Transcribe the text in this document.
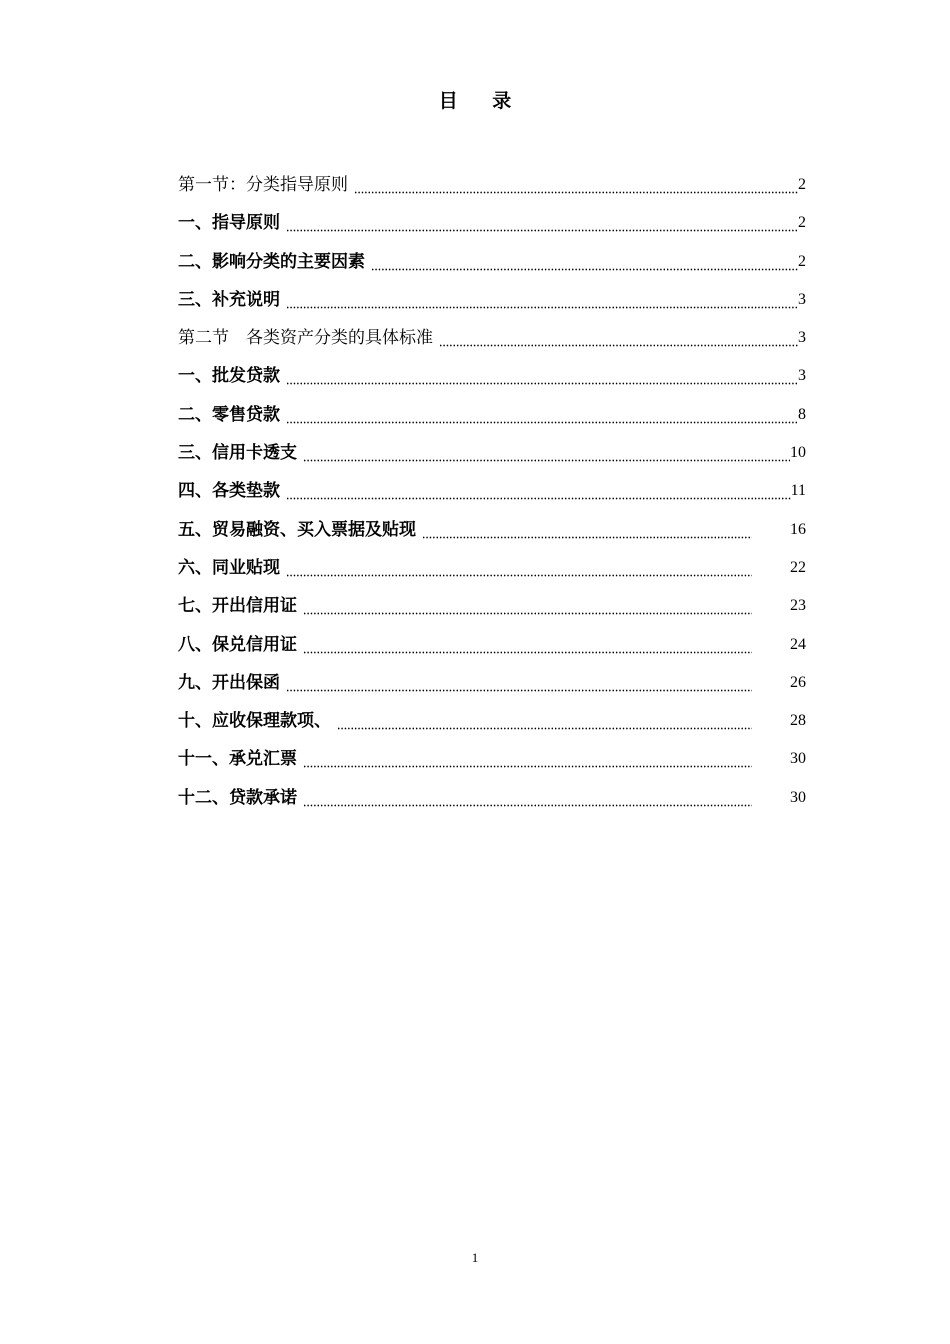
目 录
第一节：分类指导原则	2
一、指导原则	2
二、影响分类的主要因素	2
三、补充说明	3
第二节　各类资产分类的具体标准	3
一、批发贷款	3
二、零售贷款	8
三、信用卡透支	10
四、各类垫款	11
五、贸易融资、买入票据及贴现	16
六、同业贴现	22
七、开出信用证	23
八、保兑信用证	24
九、开出保函	26
十、应收保理款项、	28
十一、承兑汇票	30
十二、贷款承诺	30
1
